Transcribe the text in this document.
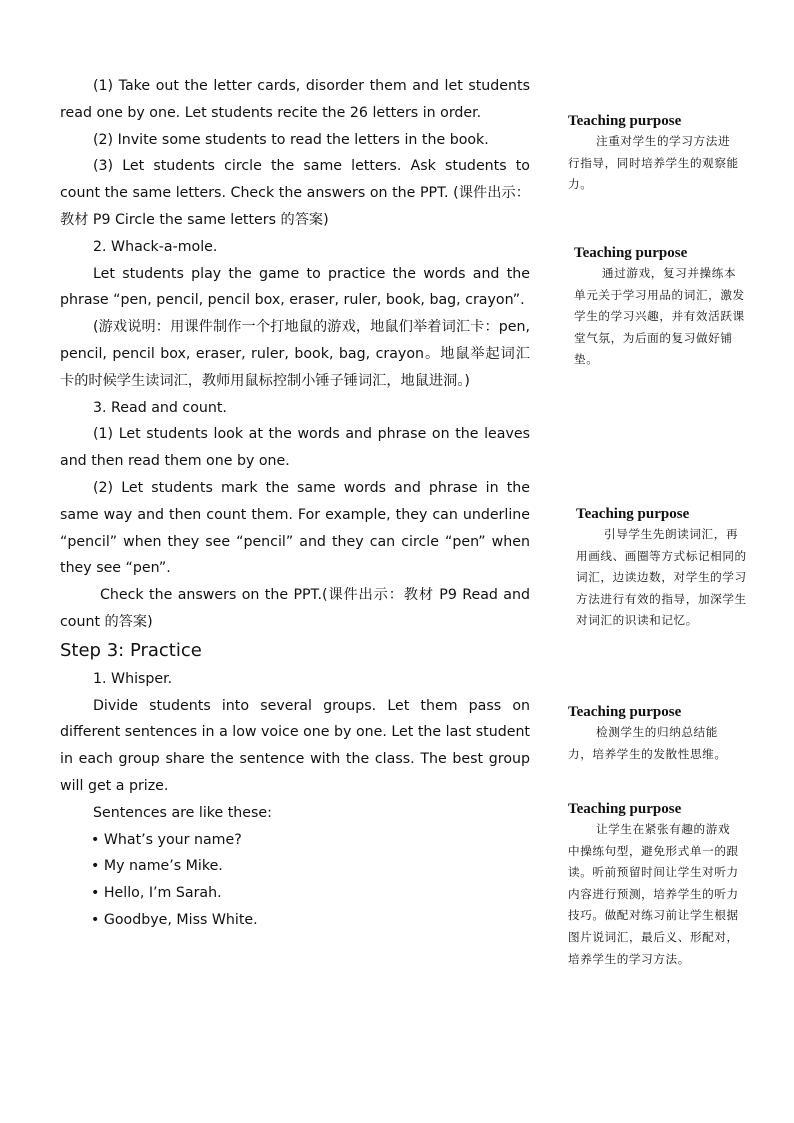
(1) Take out the letter cards, disorder them and let students read one by one. Let students recite the 26 letters in order.

(2) Invite some students to read the letters in the book.

(3) Let students circle the same letters. Ask students to count the same letters. Check the answers on the PPT. (课件出示：教材 P9 Circle the same letters 的答案)

2. Whack-a-mole.

Let students play the game to practice the words and the phrase “pen, pencil, pencil box, eraser, ruler, book, bag, crayon”.

(游戏说明：用课件制作一个打地鼠的游戏，地鼠们举着词汇卡：pen, pencil, pencil box, eraser, ruler, book, bag, crayon。地鼠举起词汇卡的时候学生读词汇，教师用鼠标控制小锤子锤词汇，地鼠进洞。)

3. Read and count.

(1) Let students look at the words and phrase on the leaves and then read them one by one.

(2) Let students mark the same words and phrase in the same way and then count them. For example, they can underline “pencil” when they see “pencil” and they can circle “pen” when they see “pen”.

Check the answers on the PPT.(课件出示：教材 P9 Read and count 的答案)

Step 3: Practice

1. Whisper.

Divide students into several groups. Let them pass on different sentences in a low voice one by one. Let the last student in each group share the sentence with the class. The best group will get a prize.

Sentences are like these:

• What’s your name?

• My name’s Mike.

• Hello, I’m Sarah.

• Goodbye, Miss White.

Teaching purpose

注重对学生的学习方法进行指导，同时培养学生的观察能力。

Teaching purpose

通过游戏，复习并操练本单元关于学习用品的词汇，激发学生的学习兴趣，并有效活跃课堂气氛，为后面的复习做好铺垫。

Teaching purpose

引导学生先朗读词汇，再用画线、画圈等方式标记相同的词汇，边读边数，对学生的学习方法进行有效的指导，加深学生对词汇的识读和记忆。

Teaching purpose

检测学生的归纳总结能力，培养学生的发散性思维。

Teaching purpose

让学生在紧张有趣的游戏中操练句型，避免形式单一的跟读。听前预留时间让学生对听力内容进行预测，培养学生的听力技巧。做配对练习前让学生根据图片说词汇，最后义、形配对，培养学生的学习方法。
